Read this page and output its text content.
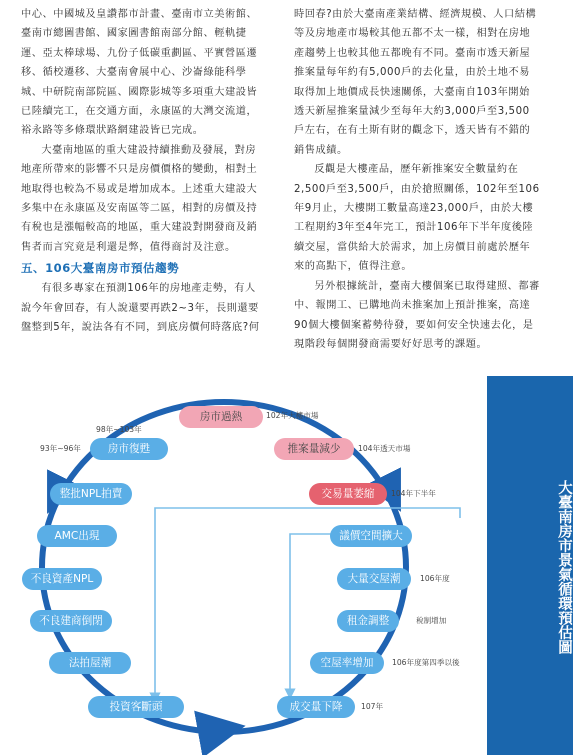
中心、中國城及皇讚都市計畫、臺南市立美術館、臺南市總圖書館、國家圖書館南部分館、輕軌捷運、亞太棒球場、九份子低碳重劃區、平實營區遷移、循校遷移、大臺南會展中心、沙崙綠能科學城、中研院南部院區、國際影城等多項重大建設皆已陸續完工，在交通方面，永康區的大灣交流道，裕永路等多條環狀路網建設皆已完成。

大臺南地區的重大建設持續推動及發展，對房地產所帶來的影響不只是房價價格的變動，相對土地取得也較為不易或是增加成本。上述重大建設大多集中在永康區及安南區等二區，相對的房價及持有稅也是漲幅較高的地區，重大建設對開發商及銷售者而言究竟是利還是弊，值得商討及注意。

五、106大臺南房市預估趨勢

有很多專家在預測106年的房地產走勢，有人說今年會回春，有人說還要再跌2~3年，長則還要盤整到5年，說法各有不同，到底房價何時落底?何

時回春?由於大臺南產業結構、經濟規模、人口結構等及房地產市場較其他五都不太一樣，相對在房地產趨勢上也較其他五都晚有不同。臺南市透天新屋推案量每年約有5,000戶的去化量，由於土地不易取得加上地價成長快速關係，大臺南自103年開始透天新屋推案量減少至每年大約3,000戶至3,500戶左右，在有土斯有財的觀念下，透天皆有不錯的銷售成績。

反觀是大樓產品，歷年新推案安全數量約在2,500戶至3,500戶，由於搶照關係，102年至106年9月止，大樓開工數量高達23,000戶，由於大樓工程期約3年至4年完工，預計106年下半年度後陸續交屋，當供給大於需求，加上房價目前處於歷年來的高點下，值得注意。

另外根據統計，臺南大樓個案已取得建照、都審中、報開工、已購地尚未推案加上預計推案，高達90個大樓個案蓄勢待發，要如何安全快速去化，是現階段每個開發商需要好好思考的課題。

房市過熱	102年大樓市場
推案量減少	104年透天市場
交易量萎縮	104年下半年
議價空間擴大
大量交屋潮	106年度
租金調整	稅制增加
空屋率增加	106年度第四季以後
成交量下降	107年
投資客斷頭
法拍屋潮
不良建商倒閉
不良資產NPL
AMC出現
整批NPL拍賣
房市復甦
98年~103年
93年~96年
大臺南房市景氣循環預估圖
